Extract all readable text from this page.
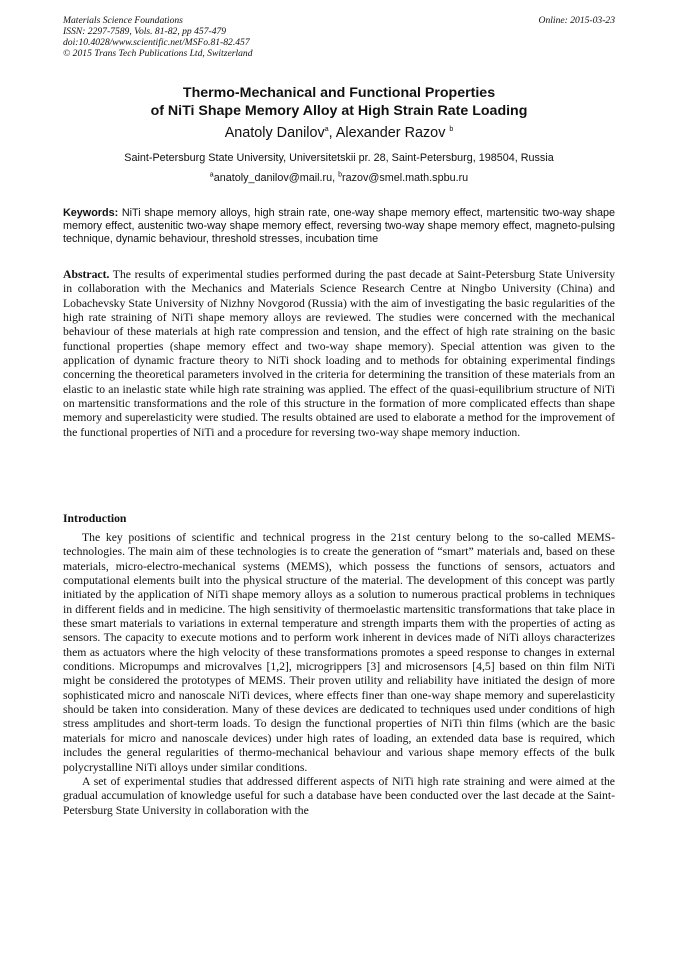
Materials Science Foundations
ISSN: 2297-7589, Vols. 81-82, pp 457-479
doi:10.4028/www.scientific.net/MSFo.81-82.457
© 2015 Trans Tech Publications Ltd, Switzerland
Online: 2015-03-23
Thermo-Mechanical and Functional Properties
of NiTi Shape Memory Alloy at High Strain Rate Loading
Anatoly Danilov$^a$, Alexander Razov $^b$
Saint-Petersburg State University, Universitetskii pr. 28, Saint-Petersburg, 198504, Russia
$^a$anatoly_danilov@mail.ru, $^b$razov@smel.math.spbu.ru
Keywords: NiTi shape memory alloys, high strain rate, one-way shape memory effect, martensitic two-way shape memory effect, austenitic two-way shape memory effect, reversing two-way shape memory effect, magneto-pulsing technique, dynamic behaviour, threshold stresses, incubation time
Abstract. The results of experimental studies performed during the past decade at Saint-Petersburg State University in collaboration with the Mechanics and Materials Science Research Centre at Ningbo University (China) and Lobachevsky State University of Nizhny Novgorod (Russia) with the aim of investigating the basic regularities of the high rate straining of NiTi shape memory alloys are reviewed. The studies were concerned with the mechanical behaviour of these materials at high rate compression and tension, and the effect of high rate straining on the basic functional properties (shape memory effect and two-way shape memory). Special attention was given to the application of dynamic fracture theory to NiTi shock loading and to methods for obtaining experimental findings concerning the theoretical parameters involved in the criteria for determining the transition of these materials from an elastic to an inelastic state while high rate straining was applied. The effect of the quasi-equilibrium structure of NiTi on martensitic transformations and the role of this structure in the formation of more complicated effects than shape memory and superelasticity were studied. The results obtained are used to elaborate a method for the improvement of the functional properties of NiTi and a procedure for reversing two-way shape memory induction.
Introduction

The key positions of scientific and technical progress in the 21st century belong to the so-called MEMS-technologies. The main aim of these technologies is to create the generation of “smart” materials and, based on these materials, micro-electro-mechanical systems (MEMS), which possess the functions of sensors, actuators and computational elements built into the physical structure of the material. The development of this concept was partly initiated by the application of NiTi shape memory alloys as a solution to numerous practical problems in techniques in different fields and in medicine. The high sensitivity of thermoelastic martensitic transformations that take place in these smart materials to variations in external temperature and strength imparts them with the properties of acting as sensors. The capacity to execute motions and to perform work inherent in devices made of NiTi alloys characterizes them as actuators where the high velocity of these transformations promotes a speed response to changes in external conditions. Micropumps and microvalves [1,2], microgrippers [3] and microsensors [4,5] based on thin film NiTi might be considered the prototypes of MEMS. Their proven utility and reliability have initiated the design of more sophisticated micro and nanoscale NiTi devices, where effects finer than one-way shape memory and superelasticity should be taken into consideration. Many of these devices are dedicated to techniques used under conditions of high stress amplitudes and short-term loads. To design the functional properties of NiTi thin films (which are the basic materials for micro and nanoscale devices) under high rates of loading, an extended data base is required, which includes the general regularities of thermo-mechanical behaviour and various shape memory effects of the bulk polycrystalline NiTi alloys under similar conditions.

A set of experimental studies that addressed different aspects of NiTi high rate straining and were aimed at the gradual accumulation of knowledge useful for such a database have been conducted over the last decade at the Saint-Petersburg State University in collaboration with the
